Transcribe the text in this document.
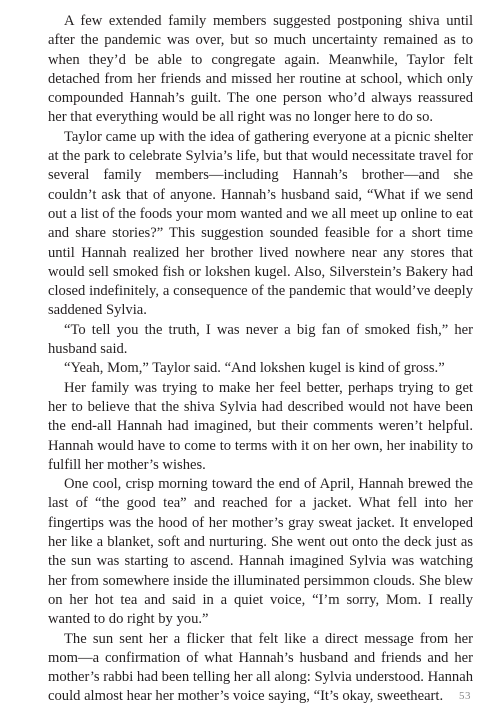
A few extended family members suggested postponing shiva until after the pandemic was over, but so much uncertainty remained as to when they’d be able to congregate again. Meanwhile, Taylor felt detached from her friends and missed her routine at school, which only compounded Hannah’s guilt. The one person who’d always reassured her that everything would be all right was no longer here to do so.

Taylor came up with the idea of gathering everyone at a picnic shelter at the park to celebrate Sylvia’s life, but that would necessitate travel for several family members—including Hannah’s brother—and she couldn’t ask that of anyone. Hannah’s husband said, “What if we send out a list of the foods your mom wanted and we all meet up online to eat and share stories?” This suggestion sounded feasible for a short time until Hannah realized her brother lived nowhere near any stores that would sell smoked fish or lokshen kugel. Also, Silverstein’s Bakery had closed indefinitely, a consequence of the pandemic that would’ve deeply saddened Sylvia.

“To tell you the truth, I was never a big fan of smoked fish,” her husband said.

“Yeah, Mom,” Taylor said. “And lokshen kugel is kind of gross.”

Her family was trying to make her feel better, perhaps trying to get her to believe that the shiva Sylvia had described would not have been the end-all Hannah had imagined, but their comments weren’t helpful. Hannah would have to come to terms with it on her own, her inability to fulfill her mother’s wishes.

One cool, crisp morning toward the end of April, Hannah brewed the last of “the good tea” and reached for a jacket. What fell into her fingertips was the hood of her mother’s gray sweat jacket. It enveloped her like a blanket, soft and nurturing. She went out onto the deck just as the sun was starting to ascend. Hannah imagined Sylvia was watching her from somewhere inside the illuminated persimmon clouds. She blew on her hot tea and said in a quiet voice, “I’m sorry, Mom. I really wanted to do right by you.”

The sun sent her a flicker that felt like a direct message from her mom—a confirmation of what Hannah’s husband and friends and her mother’s rabbi had been telling her all along: Sylvia understood. Hannah could almost hear her mother’s voice saying, “It’s okay, sweetheart.	53
